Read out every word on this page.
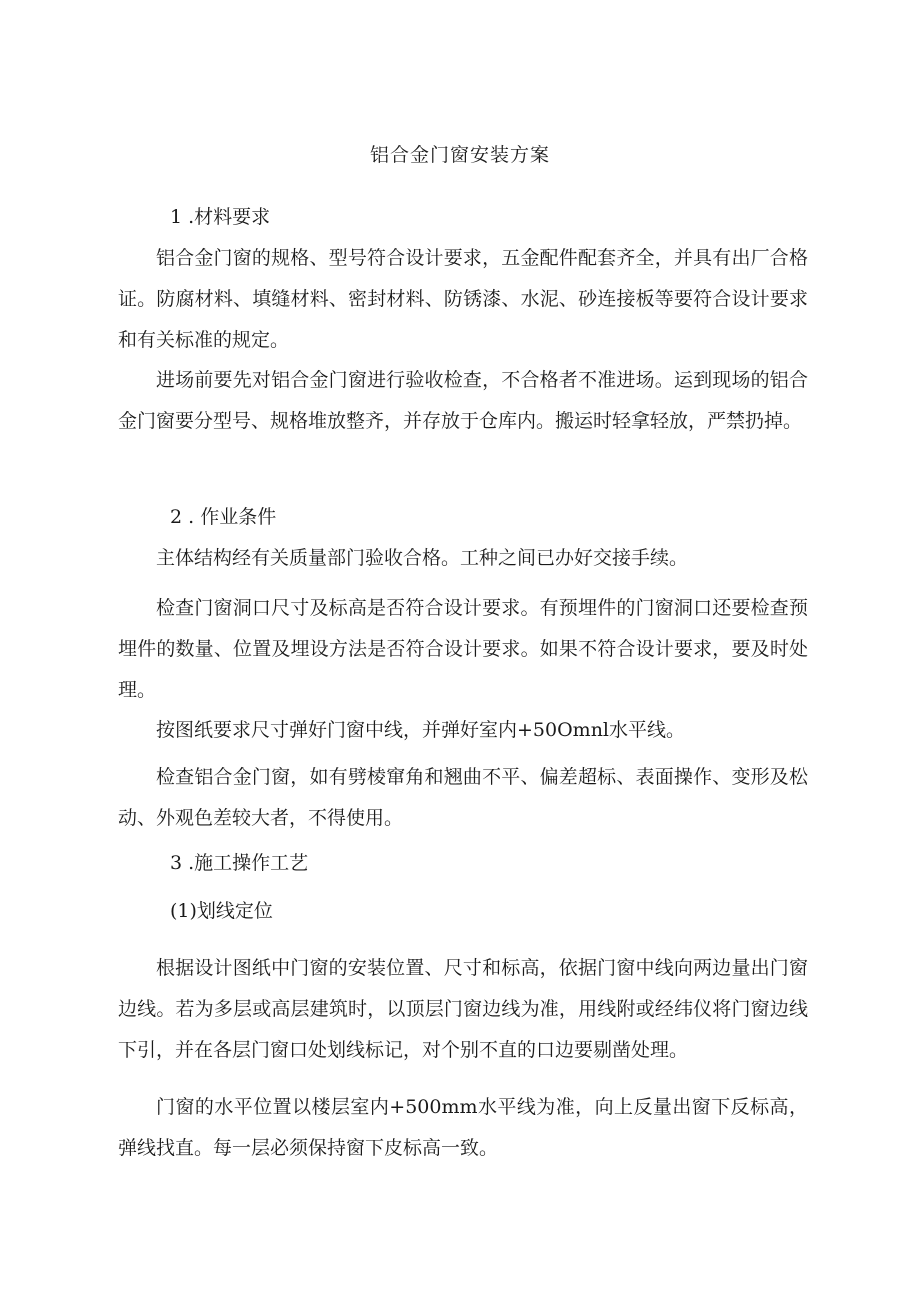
铝合金门窗安装方案

1 .材料要求

铝合金门窗的规格、型号符合设计要求，五金配件配套齐全，并具有出厂合格证。防腐材料、填缝材料、密封材料、防锈漆、水泥、砂连接板等要符合设计要求和有关标准的规定。

进场前要先对铝合金门窗进行验收检查，不合格者不准进场。运到现场的铝合金门窗要分型号、规格堆放整齐，并存放于仓库内。搬运时轻拿轻放，严禁扔掉。

2 . 作业条件

主体结构经有关质量部门验收合格。工种之间已办好交接手续。

检查门窗洞口尺寸及标高是否符合设计要求。有预埋件的门窗洞口还要检查预埋件的数量、位置及埋设方法是否符合设计要求。如果不符合设计要求，要及时处理。

按图纸要求尺寸弹好门窗中线，并弹好室内+50Omnl水平线。

检查铝合金门窗，如有劈棱窜角和翘曲不平、偏差超标、表面操作、变形及松动、外观色差较大者，不得使用。

3 .施工操作工艺

(1)划线定位

根据设计图纸中门窗的安装位置、尺寸和标高，依据门窗中线向两边量出门窗边线。若为多层或高层建筑时，以顶层门窗边线为准，用线附或经纬仪将门窗边线下引，并在各层门窗口处划线标记，对个别不直的口边要剔凿处理。

门窗的水平位置以楼层室内+500mm水平线为准，向上反量出窗下反标高，弹线找直。每一层必须保持窗下皮标高一致。
